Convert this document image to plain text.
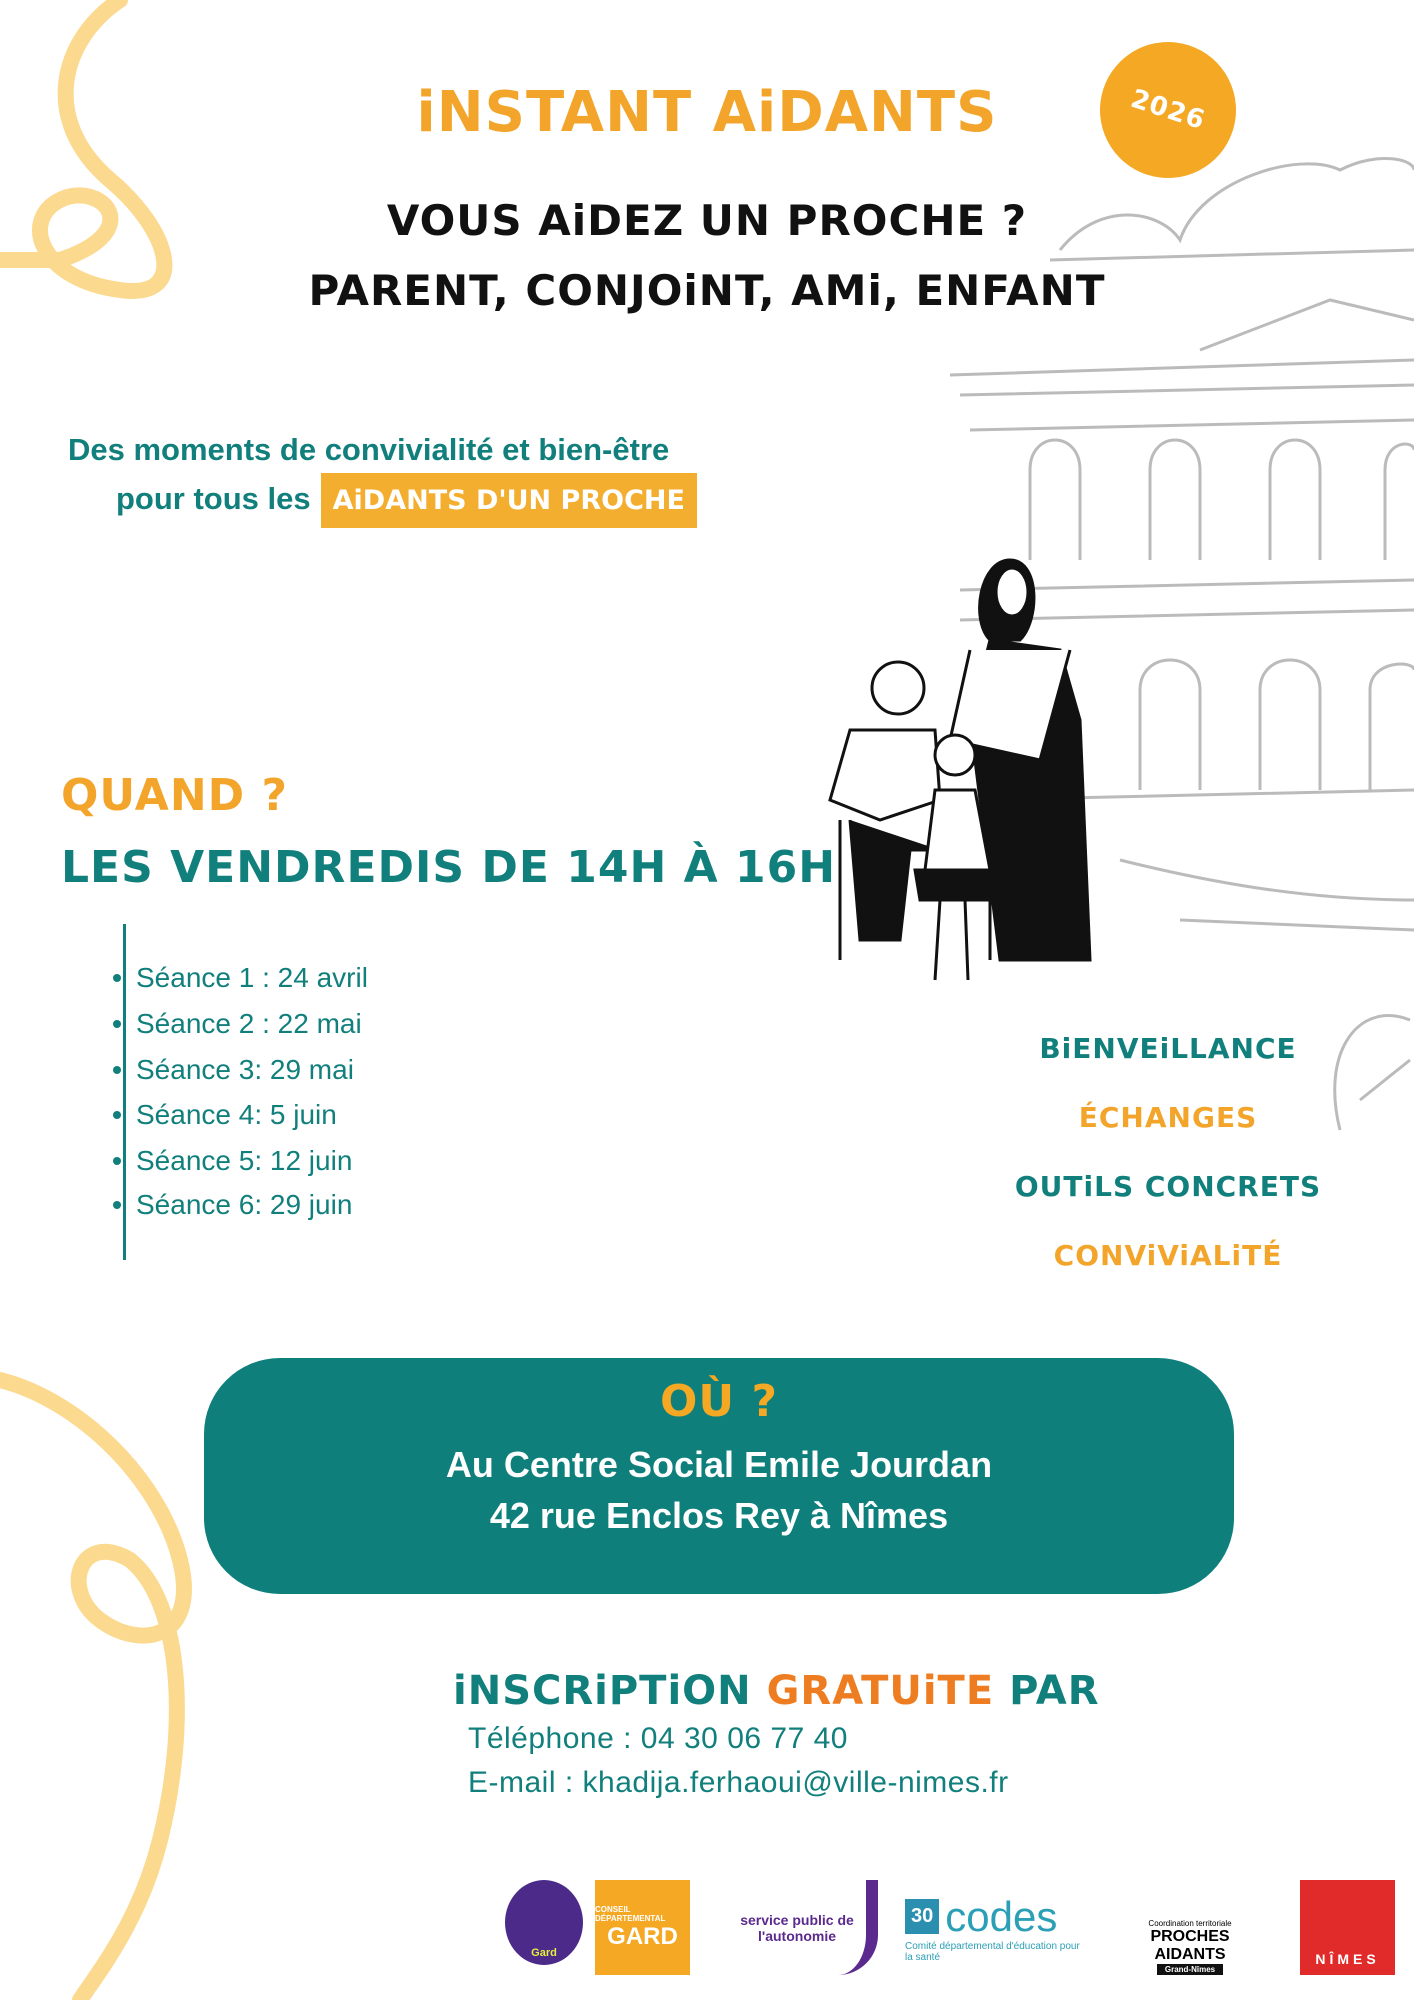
iNSTANT AiDANTS	2026
VOUS AiDEZ UN PROCHE ?
PARENT, CONJOiNT, AMi, ENFANT
Des moments de convivialité et bien-être
pour tous les AiDANTS D'UN PROCHE
QUAND ?
LES VENDREDIS DE 14H À 16H
Séance 1 : 24 avril
Séance 2 : 22 mai
Séance 3: 29 mai
Séance 4: 5 juin
Séance 5: 12 juin
Séance 6: 29 juin
BiENVEiLLANCE
ÉCHANGES
OUTiLS CONCRETS
CONViViALiTÉ
OÙ ?
Au Centre Social Emile Jourdan
42 rue Enclos Rey à Nîmes
iNSCRiPTiON GRATUiTE PAR
Téléphone : 04 30 06 77 40
E-mail : khadija.ferhaoui@ville-nimes.fr
Gard
CONSEIL DÉPARTEMENTAL
GARD
service public de l'autonomie
30 codes
Comité départemental d'éducation pour la santé
Coordination territoriale
PROCHES AIDANTS
Grand-Nîmes
NÎMES
